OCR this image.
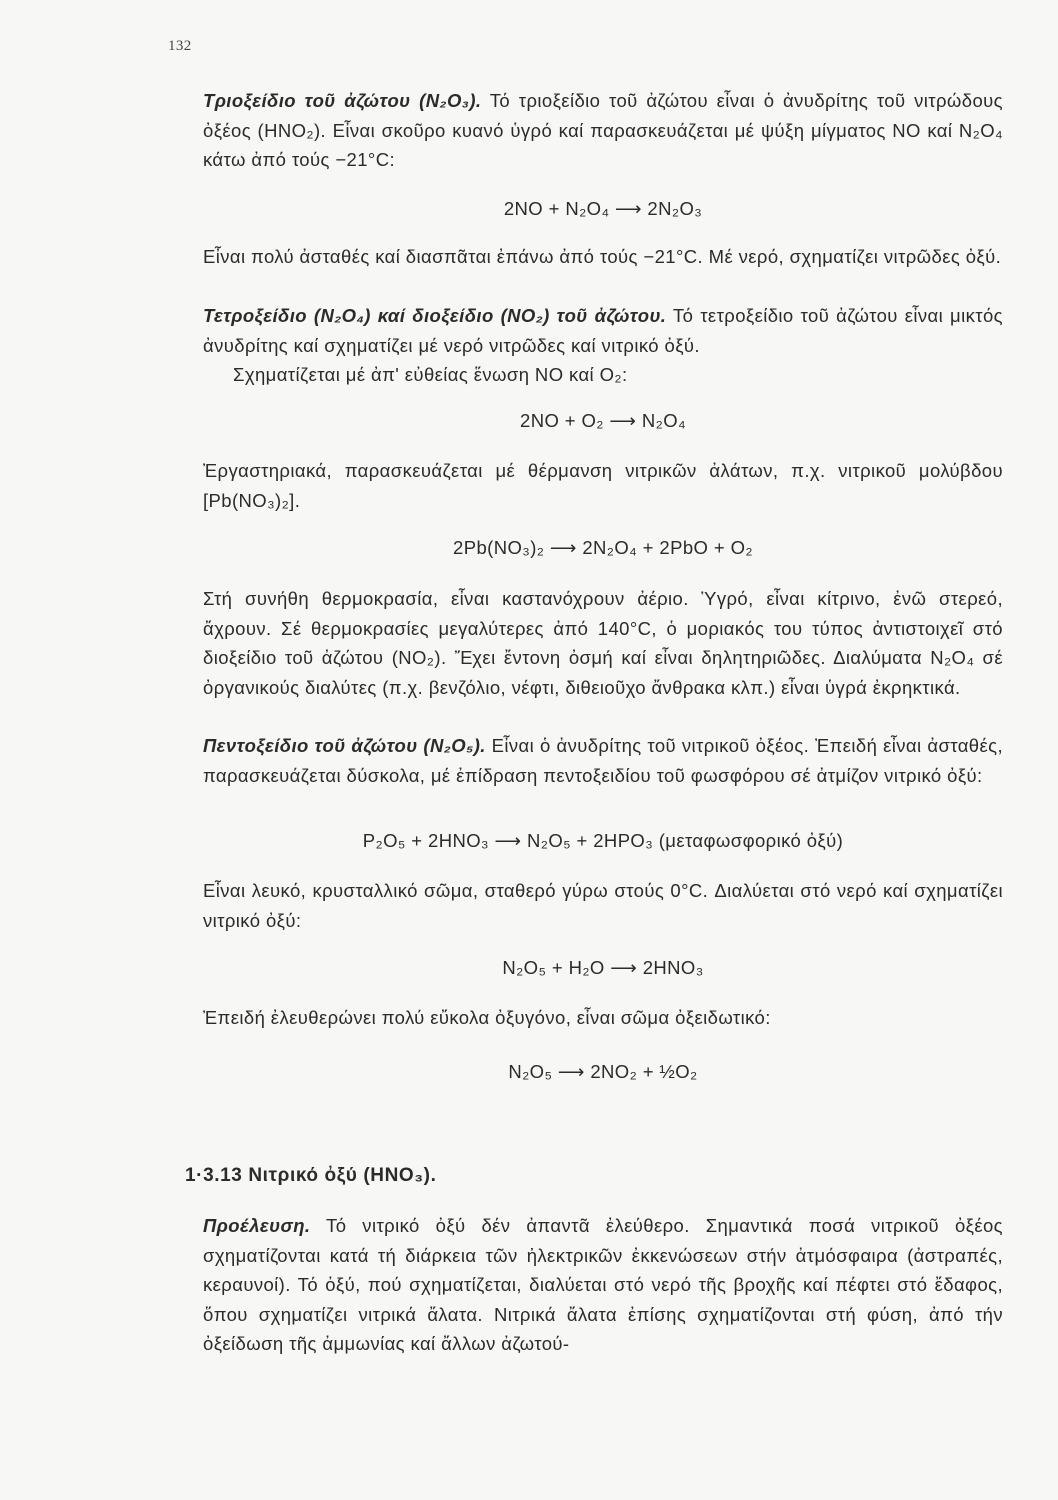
132
Τριοξείδιο τοῦ ἀζώτου (N₂O₃). Τό τριοξείδιο τοῦ ἀζώτου εἶναι ὁ ἀνυδρίτης τοῦ νιτρώδους ὀξέος (HNO₂). Εἶναι σκοῦρο κυανό ὑγρό καί παρασκευάζεται μέ ψύξη μίγματος NO καί N₂O₄ κάτω ἀπό τούς −21°C:
2NO + N₂O₄ ⟶ 2N₂O₃
Εἶναι πολύ ἀσταθές καί διασπᾶται ἐπάνω ἀπό τούς −21°C. Μέ νερό, σχηματίζει νιτρῶδες ὀξύ.
Τετροξείδιο (N₂O₄) καί διοξείδιο (NO₂) τοῦ ἀζώτου. Τό τετροξείδιο τοῦ ἀζώτου εἶναι μικτός ἀνυδρίτης καί σχηματίζει μέ νερό νιτρῶδες καί νιτρικό ὀξύ.
Σχηματίζεται μέ ἀπ' εὐθείας ἕνωση NO καί O₂:
2NO + O₂ ⟶ N₂O₄
Ἐργαστηριακά, παρασκευάζεται μέ θέρμανση νιτρικῶν ἀλάτων, π.χ. νιτρικοῦ μολύβδου [Pb(NO₃)₂].
2Pb(NO₃)₂ ⟶ 2N₂O₄ + 2PbO + O₂
Στή συνήθη θερμοκρασία, εἶναι καστανόχρουν ἀέριο. Ὑγρό, εἶναι κίτρινο, ἐνῶ στερεό, ἄχρουν. Σέ θερμοκρασίες μεγαλύτερες ἀπό 140°C, ὁ μοριακός του τύπος ἀντιστοιχεῖ στό διοξείδιο τοῦ ἀζώτου (NO₂). Ἔχει ἔντονη ὀσμή καί εἶναι δηλητηριῶδες. Διαλύματα N₂O₄ σέ ὀργανικούς διαλύτες (π.χ. βενζόλιο, νέφτι, διθειοῦχο ἄνθρακα κλπ.) εἶναι ὑγρά ἐκρηκτικά.
Πεντοξείδιο τοῦ ἀζώτου (N₂O₅). Εἶναι ὁ ἀνυδρίτης τοῦ νιτρικοῦ ὀξέος. Ἐπειδή εἶναι ἀσταθές, παρασκευάζεται δύσκολα, μέ ἐπίδραση πεντοξειδίου τοῦ φωσφόρου σέ ἀτμίζον νιτρικό ὀξύ:
P₂O₅ + 2HNO₃ ⟶ N₂O₅ + 2HPO₃ (μεταφωσφορικό ὀξύ)
Εἶναι λευκό, κρυσταλλικό σῶμα, σταθερό γύρω στούς 0°C. Διαλύεται στό νερό καί σχηματίζει νιτρικό ὀξύ:
N₂O₅ + H₂O ⟶ 2HNO₃
Ἐπειδή ἐλευθερώνει πολύ εὔκολα ὀξυγόνο, εἶναι σῶμα ὀξειδωτικό:
N₂O₅ ⟶ 2NO₂ + ½O₂
1·3.13 Νιτρικό ὀξύ (HNO₃).
Προέλευση. Τό νιτρικό ὀξύ δέν ἀπαντᾶ ἐλεύθερο. Σημαντικά ποσά νιτρικοῦ ὀξέος σχηματίζονται κατά τή διάρκεια τῶν ἠλεκτρικῶν ἐκκενώσεων στήν ἀτμόσφαιρα (ἀστραπές, κεραυνοί). Τό ὀξύ, πού σχηματίζεται, διαλύεται στό νερό τῆς βροχῆς καί πέφτει στό ἔδαφος, ὅπου σχηματίζει νιτρικά ἄλατα. Νιτρικά ἄλατα ἐπίσης σχηματίζονται στή φύση, ἀπό τήν ὀξείδωση τῆς ἀμμωνίας καί ἄλλων ἀζωτού-
